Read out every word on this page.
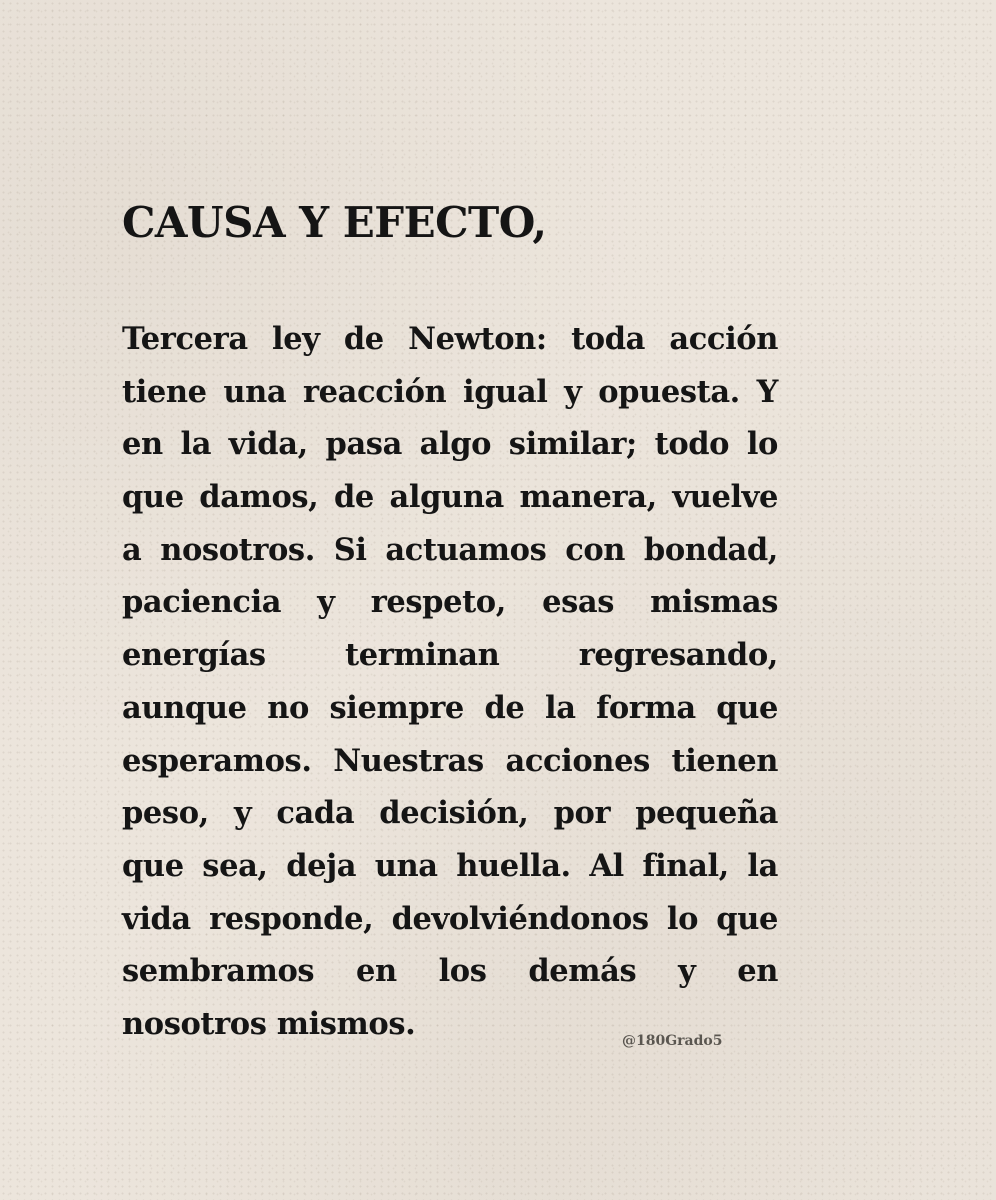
CAUSA Y EFECTO,
Tercera ley de Newton: toda acción
tiene una reacción igual y opuesta. Y
en la vida, pasa algo similar; todo lo
que damos, de alguna manera, vuelve
a nosotros. Si actuamos con bondad,
paciencia y respeto, esas mismas
energías terminan regresando,
aunque no siempre de la forma que
esperamos. Nuestras acciones tienen
peso, y cada decisión, por pequeña
que sea, deja una huella. Al final, la
vida responde, devolviéndonos lo que
sembramos en los demás y en
nosotros mismos.	@180Grado5
